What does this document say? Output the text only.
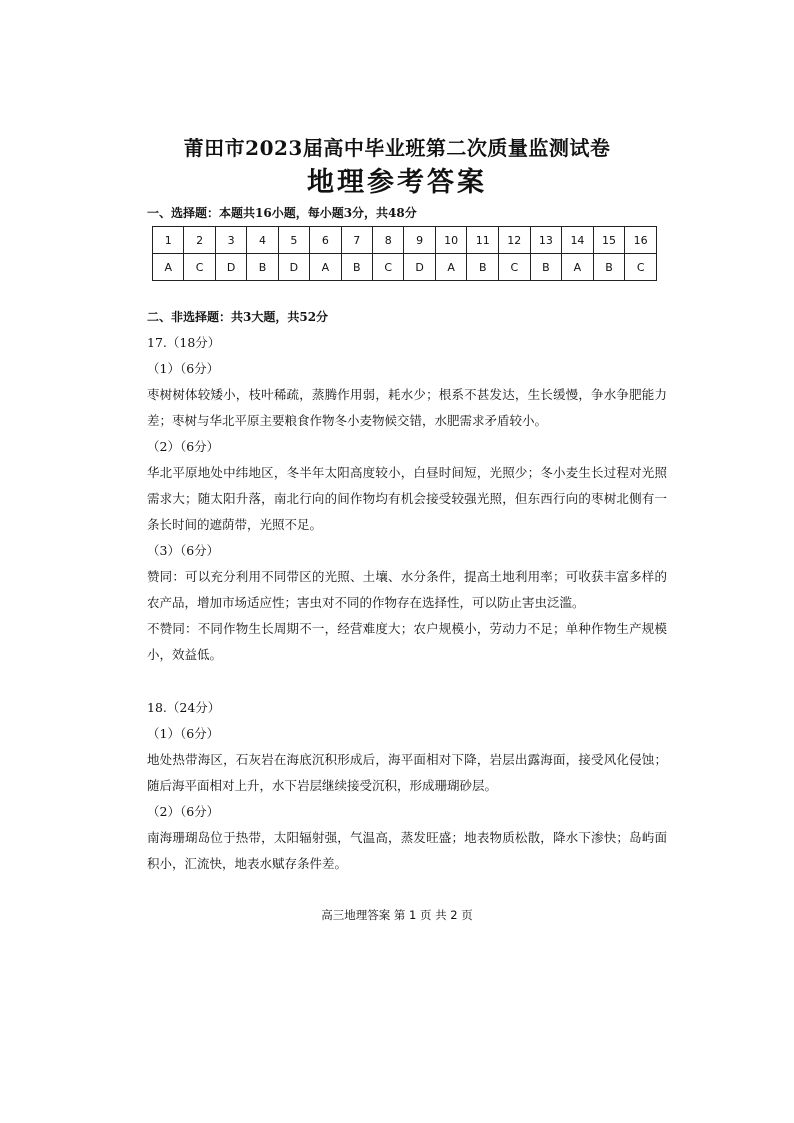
莆田市2023届高中毕业班第二次质量监测试卷
地理参考答案
一、选择题：本题共16小题，每小题3分，共48分
1	2	3	4	5	6	7	8	9	10	11	12	13	14	15	16
A	C	D	B	D	A	B	C	D	A	B	C	B	A	B	C
二、非选择题：共3大题，共52分
17.（18分）
（1）（6分）
枣树树体较矮小，枝叶稀疏，蒸腾作用弱，耗水少；根系不甚发达，生长缓慢，争水争肥能力差；枣树与华北平原主要粮食作物冬小麦物候交错，水肥需求矛盾较小。
（2）（6分）
华北平原地处中纬地区，冬半年太阳高度较小，白昼时间短，光照少；冬小麦生长过程对光照需求大；随太阳升落，南北行向的间作物均有机会接受较强光照，但东西行向的枣树北侧有一条长时间的遮荫带，光照不足。
（3）（6分）
赞同：可以充分利用不同带区的光照、土壤、水分条件，提高土地利用率；可收获丰富多样的农产品，增加市场适应性；害虫对不同的作物存在选择性，可以防止害虫泛滥。
不赞同：不同作物生长周期不一，经营难度大；农户规模小，劳动力不足；单种作物生产规模小，效益低。
18.（24分）
（1）（6分）
地处热带海区，石灰岩在海底沉积形成后，海平面相对下降，岩层出露海面，接受风化侵蚀；随后海平面相对上升，水下岩层继续接受沉积，形成珊瑚砂层。
（2）（6分）
南海珊瑚岛位于热带，太阳辐射强，气温高，蒸发旺盛；地表物质松散，降水下渗快；岛屿面积小，汇流快，地表水赋存条件差。
高三地理答案 第 1 页 共 2 页
